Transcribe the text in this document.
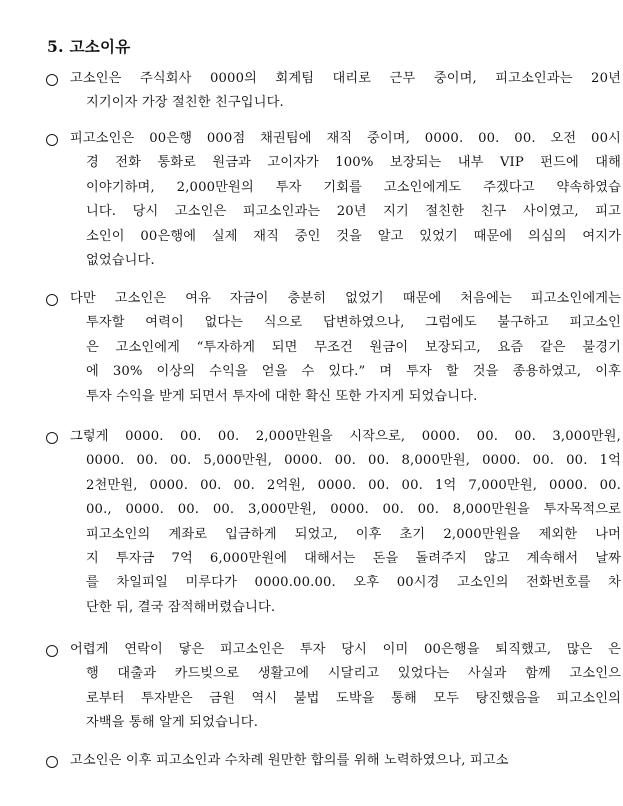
5. 고소이유
고소인은 주식회사 0000의 회계팀 대리로 근무 중이며, 피고소인과는 20년
지기이자 가장 절친한 친구입니다.
피고소인은 00은행 000점 채권팀에 재직 중이며, 0000. 00. 00. 오전 00시
경 전화 통화로 원금과 고이자가 100% 보장되는 내부 VIP 펀드에 대해
이야기하며, 2,000만원의 투자 기회를 고소인에게도 주겠다고 약속하였습
니다. 당시 고소인은 피고소인과는 20년 지기 절친한 친구 사이였고, 피고
소인이 00은행에 실제 재직 중인 것을 알고 있었기 때문에 의심의 여지가
없었습니다.
다만 고소인은 여유 자금이 충분히 없었기 때문에 처음에는 피고소인에게는
투자할 여력이 없다는 식으로 답변하였으나, 그럼에도 불구하고 피고소인
은 고소인에게 “투자하게 되면 무조건 원금이 보장되고, 요즘 같은 불경기
에 30% 이상의 수익을 얻을 수 있다.” 며 투자 할 것을 종용하였고, 이후
투자 수익을 받게 되면서 투자에 대한 확신 또한 가지게 되었습니다.
그렇게 0000. 00. 00. 2,000만원을 시작으로, 0000. 00. 00. 3,000만원,
0000. 00. 00. 5,000만원, 0000. 00. 00. 8,000만원, 0000. 00. 00. 1억
2천만원, 0000. 00. 00. 2억원, 0000. 00. 00. 1억 7,000만원, 0000. 00.
00., 0000. 00. 00. 3,000만원, 0000. 00. 00. 8,000만원을 투자목적으로
피고소인의 계좌로 입금하게 되었고, 이후 초기 2,000만원을 제외한 나머
지 투자금 7억 6,000만원에 대해서는 돈을 돌려주지 않고 계속해서 날짜
를 차일피일 미루다가 0000.00.00. 오후 00시경 고소인의 전화번호를 차
단한 뒤, 결국 잠적해버렸습니다.
어렵게 연락이 닿은 피고소인은 투자 당시 이미 00은행을 퇴직했고, 많은 은
행 대출과 카드빚으로 생활고에 시달리고 있었다는 사실과 함께 고소인으
로부터 투자받은 금원 역시 불법 도박을 통해 모두 탕진했음을 피고소인의
자백을 통해 알게 되었습니다.
고소인은 이후 피고소인과 수차례 원만한 합의를 위해 노력하였으나, 피고소
